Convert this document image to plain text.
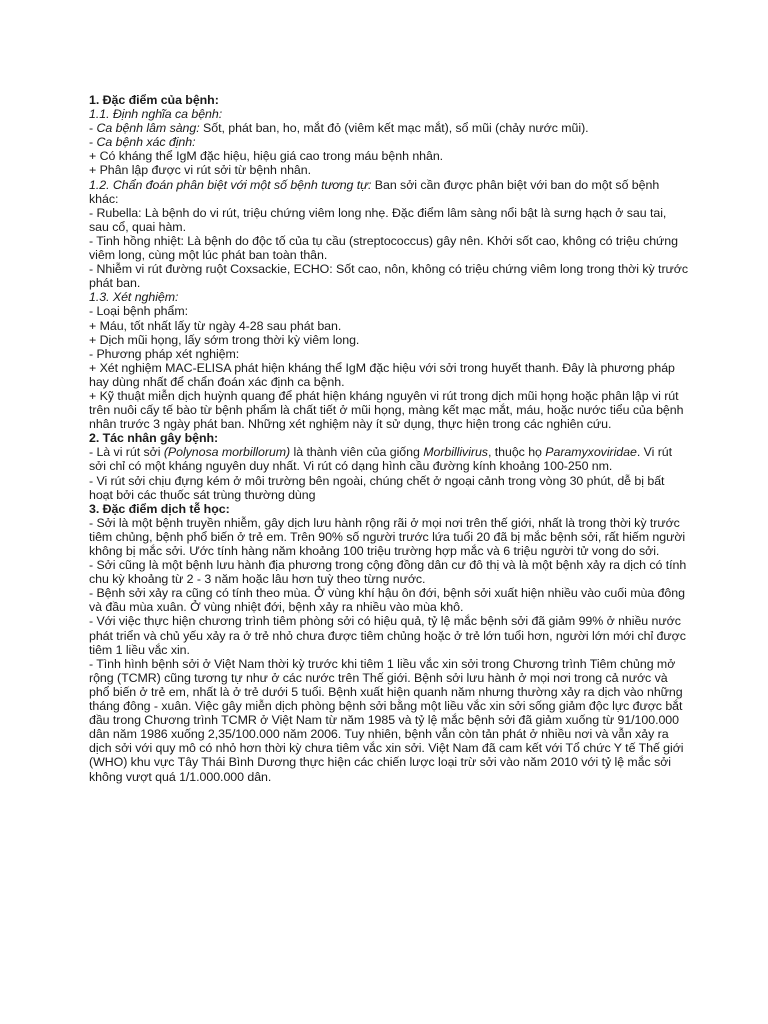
1. Đặc điểm của bệnh:

1.1. Định nghĩa ca bệnh:

- Ca bệnh lâm sàng: Sốt, phát ban, ho, mắt đỏ (viêm kết mạc mắt), sổ mũi (chảy nước mũi).

- Ca bệnh xác định:

+ Có kháng thể IgM đặc hiệu, hiệu giá cao trong máu bệnh nhân.

+ Phân lập được vi rút sởi từ bệnh nhân.

1.2. Chẩn đoán phân biệt với một số bệnh tương tự: Ban sởi cần được phân biệt với ban do một số bệnh khác:

- Rubella: Là bệnh do vi rút, triệu chứng viêm long nhẹ. Đặc điểm lâm sàng nổi bật là sưng hạch ở sau tai, sau cổ, quai hàm.

- Tinh hồng nhiệt: Là bệnh do độc tố của tụ cầu (streptococcus) gây nên. Khởi sốt cao, không có triệu chứng viêm long, cùng một lúc phát ban toàn thân.

- Nhiễm vi rút đường ruột Coxsackie, ECHO: Sốt cao, nôn, không có triệu chứng viêm long trong thời kỳ trước phát ban.

1.3. Xét nghiệm:

- Loại bệnh phẩm:

+ Máu, tốt nhất lấy từ ngày 4-28 sau phát ban.

+ Dịch mũi họng, lấy sớm trong thời kỳ viêm long.

- Phương pháp xét nghiệm:

+ Xét nghiệm MAC-ELISA phát hiện kháng thể IgM đặc hiệu với sởi trong huyết thanh. Đây là phương pháp hay dùng nhất để chẩn đoán xác định ca bệnh.

+ Kỹ thuật miễn dịch huỳnh quang để phát hiện kháng nguyên vi rút trong dịch mũi họng hoặc phân lập vi rút trên nuôi cấy tế bào từ bệnh phẩm là chất tiết ở mũi họng, màng kết mạc mắt, máu, hoặc nước tiểu của bệnh nhân trước 3 ngày phát ban. Những xét nghiệm này ít sử dụng, thực hiện trong các nghiên cứu.

2. Tác nhân gây bệnh:

- Là vi rút sởi (Polynosa morbillorum) là thành viên của giống Morbillivirus, thuộc họ Paramyxoviridae. Vi rút sởi chỉ có một kháng nguyên duy nhất. Vi rút có dạng hình cầu đường kính khoảng 100-250 nm.

- Vi rút sởi chịu đựng kém ở môi trường bên ngoài, chúng chết ở ngoại cảnh trong vòng 30 phút, dễ bị bất hoạt bởi các thuốc sát trùng thường dùng

3. Đặc điểm dịch tễ học:

- Sởi là một bệnh truyền nhiễm, gây dịch lưu hành rộng rãi ở mọi nơi trên thế giới, nhất là trong thời kỳ trước tiêm chủng, bệnh phổ biến ở trẻ em. Trên 90% số người trước lứa tuổi 20 đã bị mắc bệnh sởi, rất hiếm người không bị mắc sởi. Ước tính hàng năm khoảng 100 triệu trường hợp mắc và 6 triệu người tử vong do sởi.

- Sởi cũng là một bệnh lưu hành địa phương trong cộng đồng dân cư đô thị và là một bệnh xảy ra dịch có tính chu kỳ khoảng từ 2 - 3 năm hoặc lâu hơn tuỳ theo từng nước.

- Bệnh sởi xảy ra cũng có tính theo mùa. Ở vùng khí hậu ôn đới, bệnh sởi xuất hiện nhiều vào cuối mùa đông và đầu mùa xuân. Ở vùng nhiệt đới, bệnh xảy ra nhiều vào mùa khô.

- Với việc thực hiện chương trình tiêm phòng sởi có hiệu quả, tỷ lệ mắc bệnh sởi đã giảm 99% ở nhiều nước phát triển và chủ yếu xảy ra ở trẻ nhỏ chưa được tiêm chủng hoặc ở trẻ lớn tuổi hơn, người lớn mới chỉ được tiêm 1 liều vắc xin.

- Tình hình bệnh sởi ở Việt Nam thời kỳ trước khi tiêm 1 liều vắc xin sởi trong Chương trình Tiêm chủng mở rộng (TCMR) cũng tương tự như ở các nước trên Thế giới. Bệnh sởi lưu hành ở mọi nơi trong cả nước và phổ biến ở trẻ em, nhất là ở trẻ dưới 5 tuổi. Bệnh xuất hiện quanh năm nhưng thường xảy ra dịch vào những tháng đông - xuân. Việc gây miễn dịch phòng bệnh sởi bằng một liều vắc xin sởi sống giảm độc lực được bắt đầu trong Chương trình TCMR ở Việt Nam từ năm 1985 và tỷ lệ mắc bệnh sởi đã giảm xuống từ 91/100.000 dân năm 1986 xuống 2,35/100.000 năm 2006. Tuy nhiên, bệnh vẫn còn tản phát ở nhiều nơi và vẫn xảy ra dịch sởi với quy mô có nhỏ hơn thời kỳ chưa tiêm vắc xin sởi. Việt Nam đã cam kết với Tổ chức Y tế Thế giới (WHO) khu vực Tây Thái Bình Dương thực hiện các chiến lược loại trừ sởi vào năm 2010 với tỷ lệ mắc sởi không vượt quá 1/1.000.000 dân.
